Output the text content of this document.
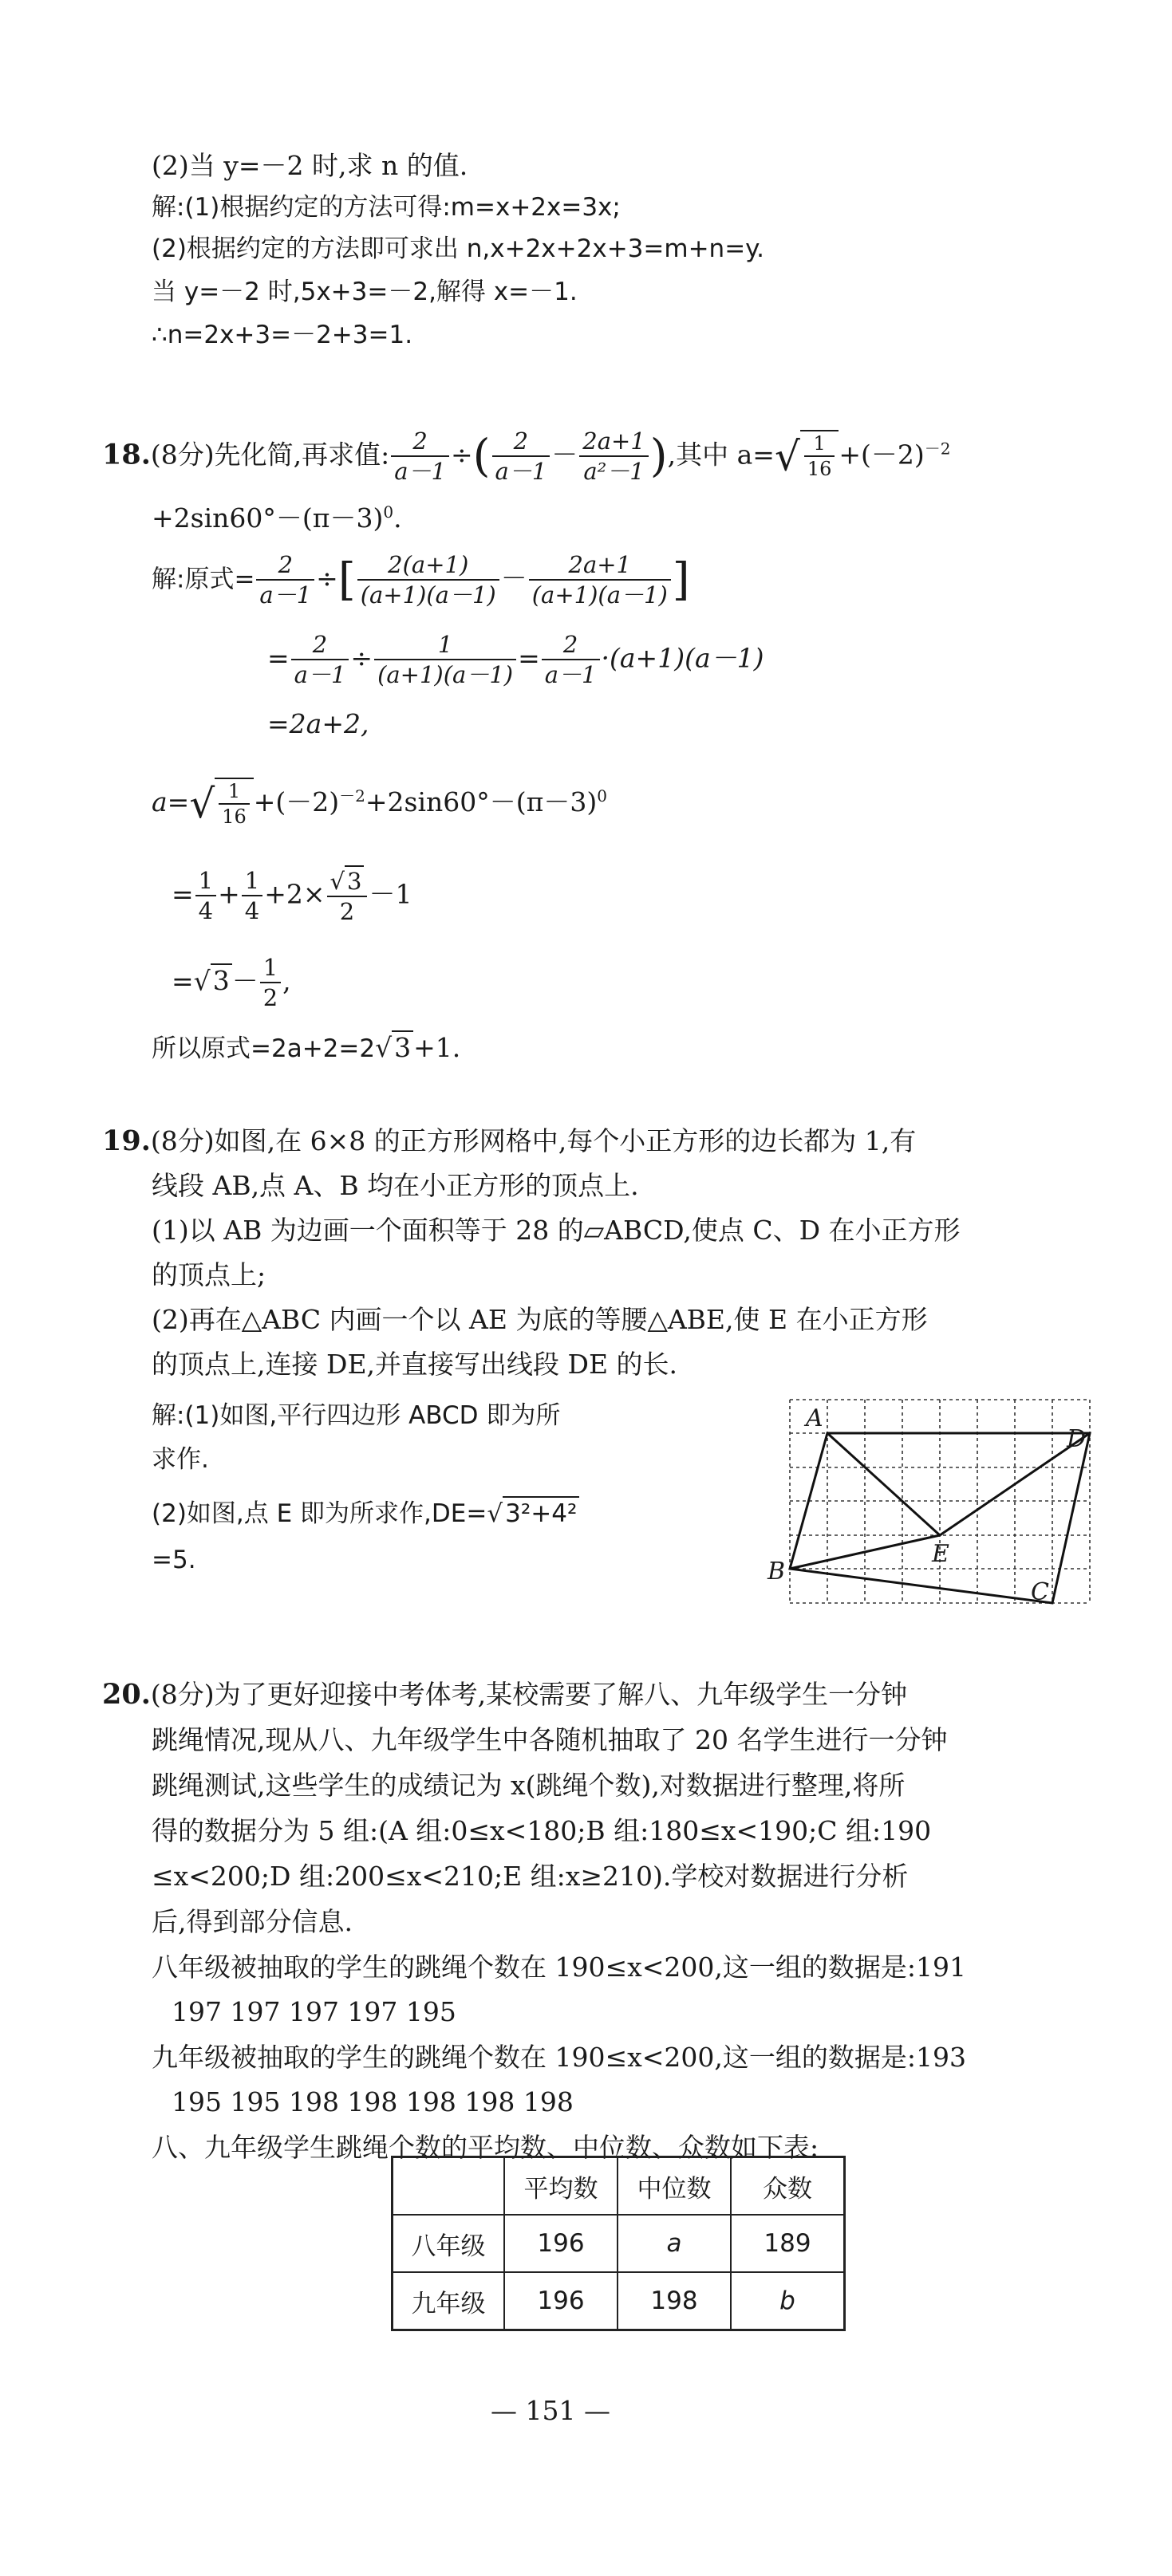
(2)当 y=－2 时,求 n 的值.
解:(1)根据约定的方法可得:m=x+2x=3x;
(2)根据约定的方法即可求出 n,x+2x+2x+3=m+n=y.
当 y=－2 时,5x+3=－2,解得 x=－1.
∴n=2x+3=－2+3=1.
18.(8分)先化简,再求值: $\frac{2}{a-1}$ ÷( $\frac{2}{a-1} - \frac{2a+1}{\text{a²－1}}$ ),其中 $a=√ \frac{1}{16} +(-2)^{-2}$
$+2\sin 60^\circ-(\pi-3)^0$.
解:原式= $\frac{2}{a-1}$ ÷[ $\frac{2(a+1)}{(a+1)(a-1)} - \frac{2a+1}{(a+1)(a-1)}$ ]
= $\frac{2}{a-1} \div \frac{1}{(a+1)(a-1)} = \frac{2}{a-1} \cdot(a+1)(a-1)$
=2a+2,
$a=√ \frac{1}{16} +(-2)^{-2}+2\sin 60^\circ-(\pi-3)^0$
= $\frac{1}{4} + \frac{1}{4} +2\times \frac{√ 3}{2} -1$
$=√3- \frac{1}{2}$ ,
所以原式=2a+2=2√3+1.
19.(8分)如图,在 6×8 的正方形网格中,每个小正方形的边长都为 1,有
线段 AB,点 A、B 均在小正方形的顶点上.
(1)以 AB 为边画一个面积等于 28 的▱ABCD,使点 C、D 在小正方形
的顶点上;
(2)再在△ABC 内画一个以 AE 为底的等腰△ABE,使 E 在小正方形
的顶点上,连接 DE,并直接写出线段 DE 的长.
解:(1)如图,平行四边形 ABCD 即为所
求作.
(2)如图,点 E 即为所求作,DE=√3²+4²
=5.
A
B
C
D
E
20.(8分)为了更好迎接中考体考,某校需要了解八、九年级学生一分钟
跳绳情况,现从八、九年级学生中各随机抽取了 20 名学生进行一分钟
跳绳测试,这些学生的成绩记为 x(跳绳个数),对数据进行整理,将所
得的数据分为 5 组:(A 组:0≤x<180;B 组:180≤x<190;C 组:190
≤x<200;D 组:200≤x<210;E 组:x≥210).学校对数据进行分析
后,得到部分信息.
八年级被抽取的学生的跳绳个数在 190≤x<200,这一组的数据是:191
197 197 197 197 195
九年级被抽取的学生的跳绳个数在 190≤x<200,这一组的数据是:193
195 195 198 198 198 198 198
八、九年级学生跳绳个数的平均数、中位数、众数如下表:
	平均数	中位数	众数
八年级	196	a	189
九年级	196	198	b
— 151 —
